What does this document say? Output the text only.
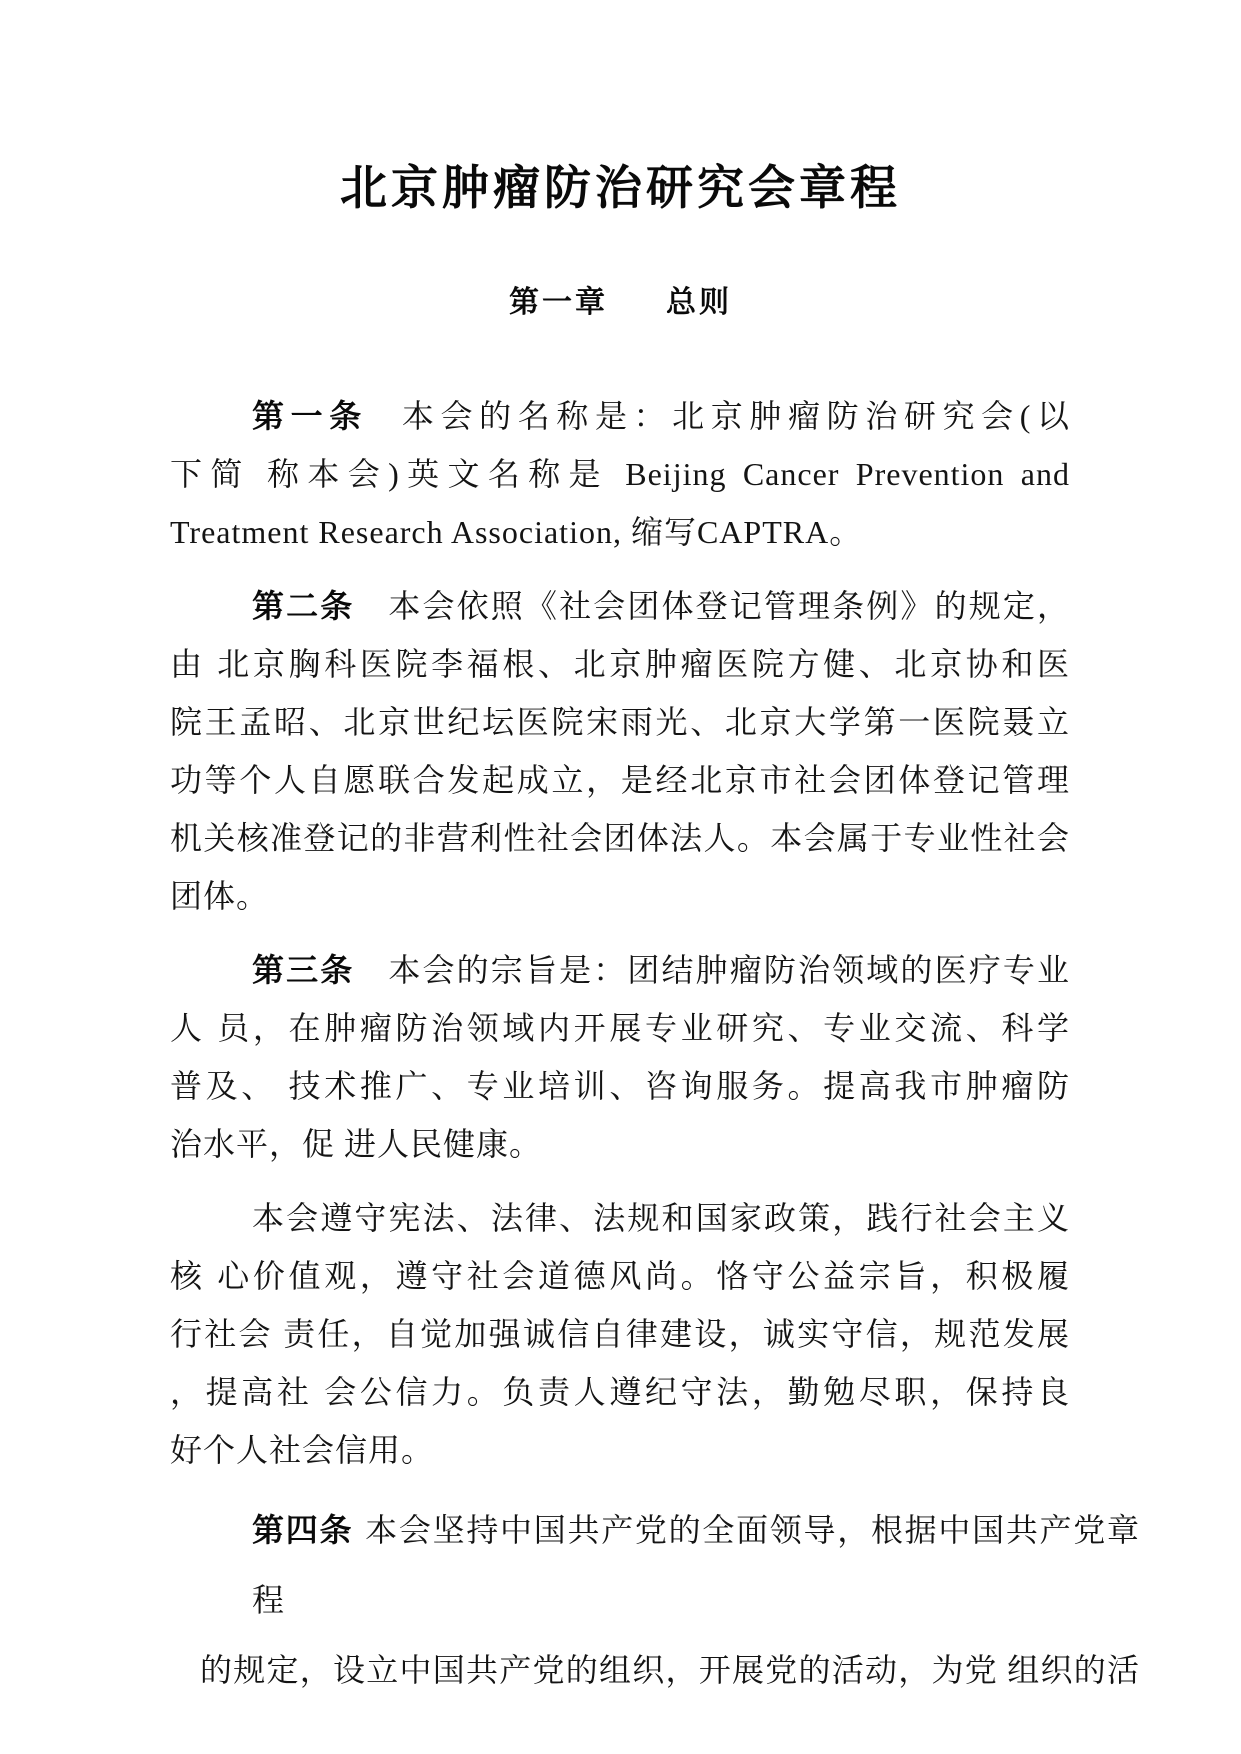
北京肿瘤防治研究会章程
第一章 总则
第一条 本会的名称是：北京肿瘤防治研究会(以
下简 称本会)英文名称是 Beijing Cancer Prevention and
Treatment Research Association, 缩写CAPTRA。
第二条 本会依照《社会团体登记管理条例》的规定，
由 北京胸科医院李福根、北京肿瘤医院方健、北京协和医
院王孟昭、北京世纪坛医院宋雨光、北京大学第一医院聂立
功等个人自愿联合发起成立，是经北京市社会团体登记管理
机关核准登记的非营利性社会团体法人。本会属于专业性社会
团体。
第三条 本会的宗旨是：团结肿瘤防治领域的医疗专业
人 员，在肿瘤防治领域内开展专业研究、专业交流、科学
普及、 技术推广、专业培训、咨询服务。提高我市肿瘤防
治水平，促 进人民健康。
本会遵守宪法、法律、法规和国家政策，践行社会主义
核 心价值观，遵守社会道德风尚。恪守公益宗旨，积极履
行社会 责任，自觉加强诚信自律建设，诚实守信，规范发展
，提高社 会公信力。负责人遵纪守法，勤勉尽职，保持良
好个人社会信用。
第四条 本会坚持中国共产党的全面领导，根据中国共产党章程
的规定，设立中国共产党的组织，开展党的活动，为党 组织的活
